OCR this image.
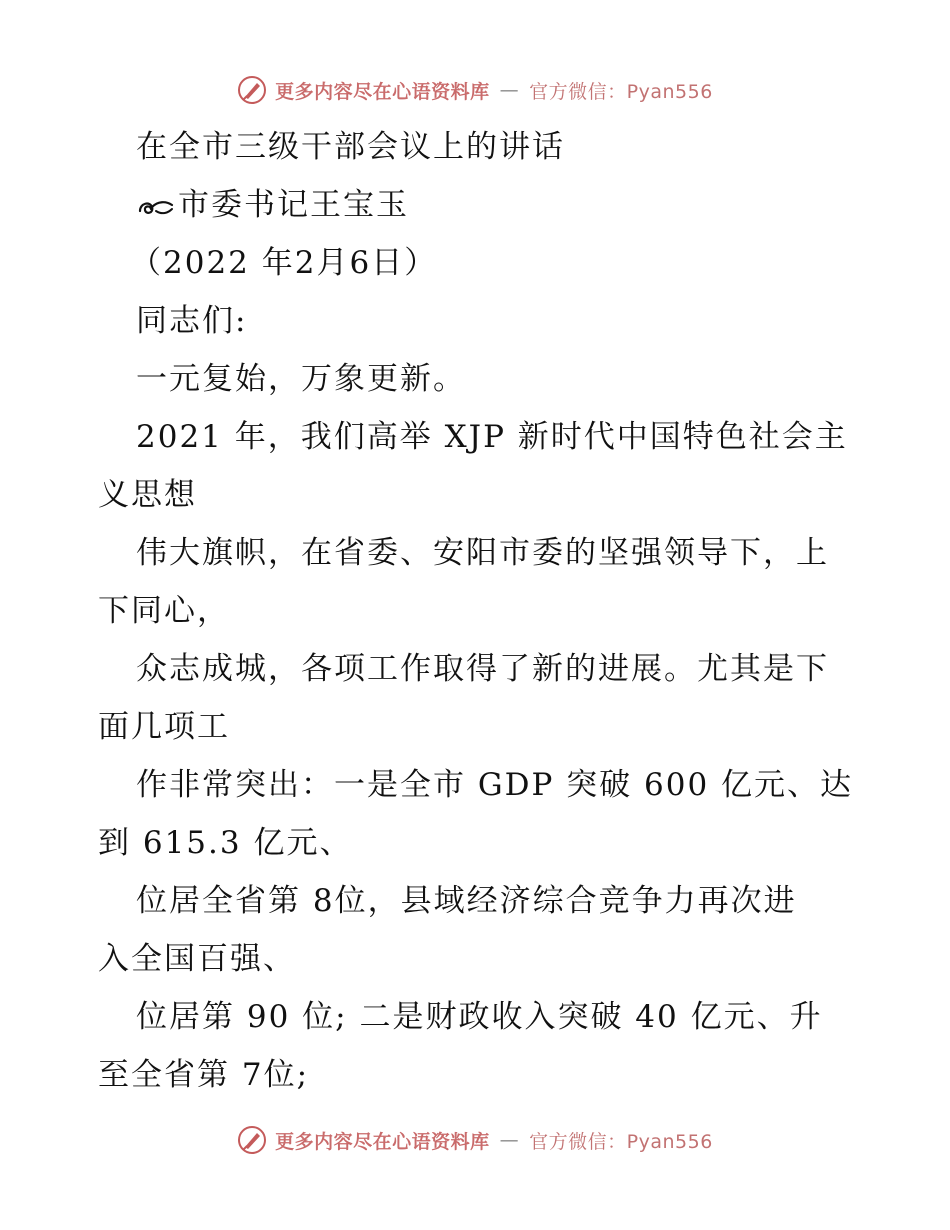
更多内容尽在心语资料库 — 官方微信：Pyan556
在全市三级干部会议上的讲话
市委书记王宝玉
（2022 年2月6日）
同志们:
一元复始，万象更新。
2021 年，我们高举 XJP 新时代中国特色社会主
义思想
伟大旗帜，在省委、安阳市委的坚强领导下，上
下同心，
众志成城，各项工作取得了新的进展。尤其是下
面几项工
作非常突出：一是全市 GDP 突破 600 亿元、达
到 615.3 亿元、
位居全省第 8位，县域经济综合竞争力再次进
入全国百强、
位居第 90 位; 二是财政收入突破 40 亿元、升
至全省第 7位;
更多内容尽在心语资料库 — 官方微信：Pyan556
